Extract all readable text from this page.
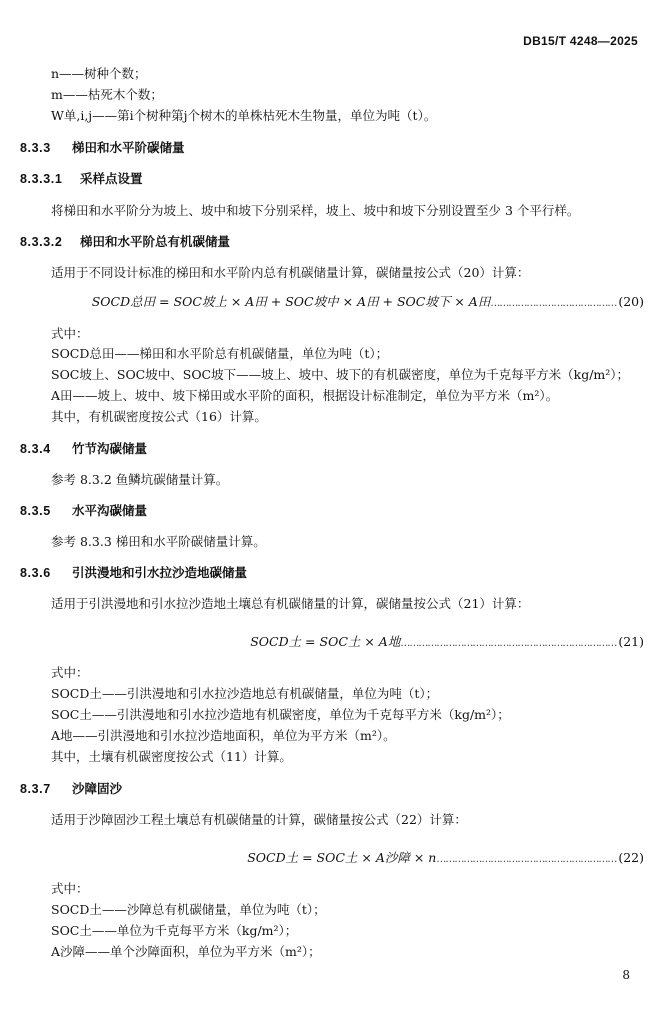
DB15/T 4248—2025
n——树种个数；
m——枯死木个数；
W单,i,j——第i个树种第j个树木的单株枯死木生物量，单位为吨（t）。
8.3.3 梯田和水平阶碳储量
8.3.3.1 采样点设置
将梯田和水平阶分为坡上、坡中和坡下分别采样，坡上、坡中和坡下分别设置至少 3 个平行样。
8.3.3.2 梯田和水平阶总有机碳储量
适用于不同设计标准的梯田和水平阶内总有机碳储量计算，碳储量按公式（20）计算：
SOCD总田 = SOC坡上 × A田 + SOC坡中 × A田 + SOC坡下 × A田 …………………………………… (20)
式中：
SOCD总田——梯田和水平阶总有机碳储量，单位为吨（t）；
SOC坡上、SOC坡中、SOC坡下——坡上、坡中、坡下的有机碳密度，单位为千克每平方米（kg/m²）；
A田——坡上、坡中、坡下梯田或水平阶的面积，根据设计标准制定，单位为平方米（m²）。
其中，有机碳密度按公式（16）计算。
8.3.4 竹节沟碳储量
参考 8.3.2 鱼鳞坑碳储量计算。
8.3.5 水平沟碳储量
参考 8.3.3 梯田和水平阶碳储量计算。
8.3.6 引洪漫地和引水拉沙造地碳储量
适用于引洪漫地和引水拉沙造地土壤总有机碳储量的计算，碳储量按公式（21）计算：
SOCD土 = SOC土 × A地 ……………………………………………………………… (21)
式中：
SOCD土——引洪漫地和引水拉沙造地总有机碳储量，单位为吨（t）；
SOC土——引洪漫地和引水拉沙造地有机碳密度，单位为千克每平方米（kg/m²）；
A地——引洪漫地和引水拉沙造地面积，单位为平方米（m²）。
其中，土壤有机碳密度按公式（11）计算。
8.3.7 沙障固沙
适用于沙障固沙工程土壤总有机碳储量的计算，碳储量按公式（22）计算：
SOCD土 = SOC土 × A沙障 × n …………………………………………………… (22)
式中：
SOCD土——沙障总有机碳储量，单位为吨（t）；
SOC土——单位为千克每平方米（kg/m²）；
A沙障——单个沙障面积，单位为平方米（m²）；
8
